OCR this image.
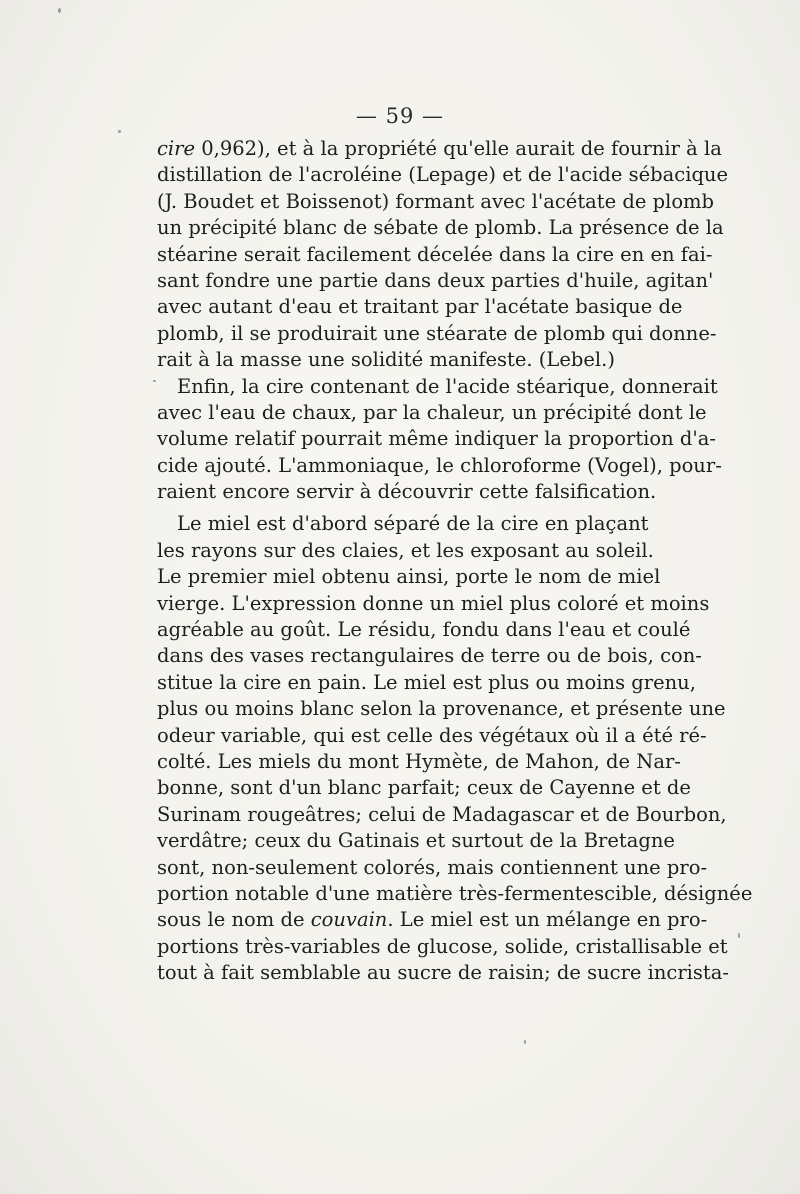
— 59 —
cire 0,962), et à la propriété qu'elle aurait de fournir à la
distillation de l'acroléine (Lepage) et de l'acide sébacique
(J. Boudet et Boissenot) formant avec l'acétate de plomb
un précipité blanc de sébate de plomb. La présence de la
stéarine serait facilement décelée dans la cire en en fai-
sant fondre une partie dans deux parties d'huile, agitan'
avec autant d'eau et traitant par l'acétate basique de
plomb, il se produirait une stéarate de plomb qui donne-
rait à la masse une solidité manifeste. (Lebel.)
Enfin, la cire contenant de l'acide stéarique, donnerait
avec l'eau de chaux, par la chaleur, un précipité dont le
volume relatif pourrait même indiquer la proportion d'a-
cide ajouté. L'ammoniaque, le chloroforme (Vogel), pour-
raient encore servir à découvrir cette falsification.
Le miel est d'abord séparé de la cire en plaçant
les rayons sur des claies, et les exposant au soleil.
Le premier miel obtenu ainsi, porte le nom de miel
vierge. L'expression donne un miel plus coloré et moins
agréable au goût. Le résidu, fondu dans l'eau et coulé
dans des vases rectangulaires de terre ou de bois, con-
stitue la cire en pain. Le miel est plus ou moins grenu,
plus ou moins blanc selon la provenance, et présente une
odeur variable, qui est celle des végétaux où il a été ré-
colté. Les miels du mont Hymète, de Mahon, de Nar-
bonne, sont d'un blanc parfait; ceux de Cayenne et de
Surinam rougeâtres; celui de Madagascar et de Bourbon,
verdâtre; ceux du Gatinais et surtout de la Bretagne
sont, non-seulement colorés, mais contiennent une pro-
portion notable d'une matière très-fermentescible, désignée
sous le nom de couvain. Le miel est un mélange en pro-
portions très-variables de glucose, solide, cristallisable et
tout à fait semblable au sucre de raisin; de sucre incrista-
